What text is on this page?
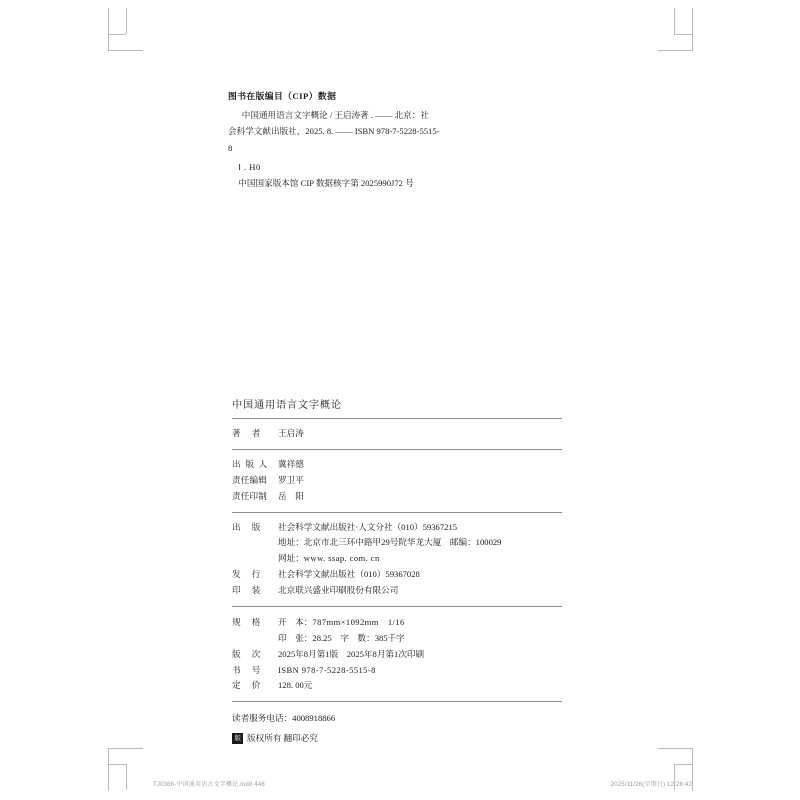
图书在版编目（CIP）数据
中国通用语言文字概论 / 王启涛著 . —— 北京：社
会科学文献出版社，2025. 8. —— ISBN 978-7-5228-5515-
8
Ⅰ . H0
中国国家版本馆 CIP 数据核字第 2025990J72 号
中国通用语言文字概论
著　者	王启涛
出 版 人	冀祥德
责任编辑	罗卫平
责任印制	岳　阳
出　版	社会科学文献出版社·人文分社（010）59367215
地址：北京市北三环中路甲29号院华龙大厦　邮编：100029
网址：www. ssap. com. cn
发　行	社会科学文献出版社（010）59367028
印　装	北京联兴盛业印刷股份有限公司
规　格	开　本： 787mm×1092mm　1/16
印　张： 28.25　字　数：385千字
版　次	2025年8月第1版　2025年8月第1次印刷
书　号	ISBN 978-7-5228-5515-8
定　价	128. 00元
读者服务电话：4008918866
版 版权所有 翻印必究
TJ0366-中国通用语言文字概论.indd 446	2025/11/26(星期日) 12:26:42
